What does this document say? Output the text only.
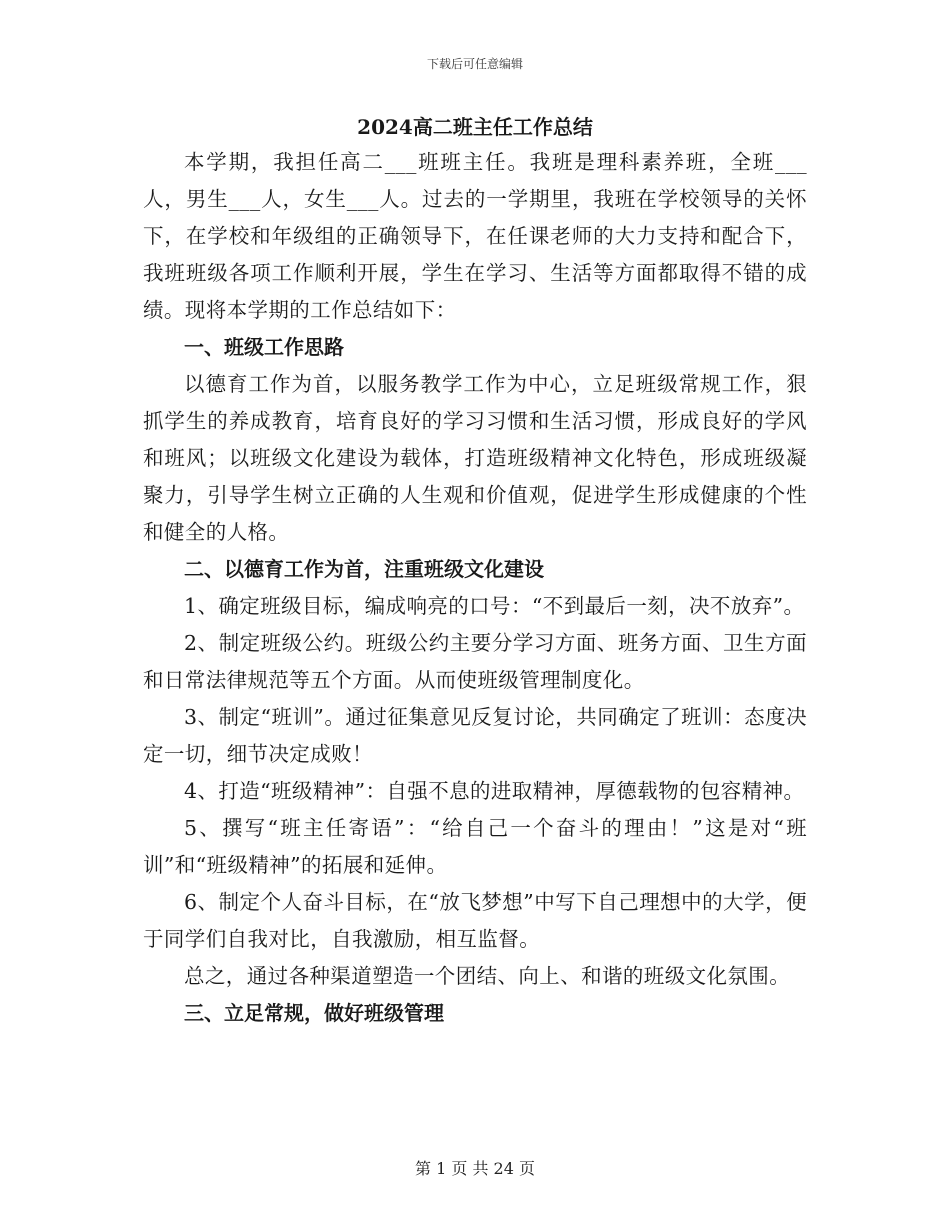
下载后可任意编辑
2024高二班主任工作总结

本学期，我担任高二___班班主任。我班是理科素养班，全班___人，男生___人，女生___人。过去的一学期里，我班在学校领导的关怀下，在学校和年级组的正确领导下，在任课老师的大力支持和配合下，我班班级各项工作顺利开展，学生在学习、生活等方面都取得不错的成绩。现将本学期的工作总结如下：

一、班级工作思路

以德育工作为首，以服务教学工作为中心，立足班级常规工作，狠抓学生的养成教育，培育良好的学习习惯和生活习惯，形成良好的学风和班风；以班级文化建设为载体，打造班级精神文化特色，形成班级凝聚力，引导学生树立正确的人生观和价值观，促进学生形成健康的个性和健全的人格。

二、以德育工作为首，注重班级文化建设

1、确定班级目标，编成响亮的口号：“不到最后一刻，决不放弃”。

2、制定班级公约。班级公约主要分学习方面、班务方面、卫生方面和日常法律规范等五个方面。从而使班级管理制度化。

3、制定“班训”。通过征集意见反复讨论，共同确定了班训：态度决定一切，细节决定成败！

4、打造“班级精神”：自强不息的进取精神，厚德载物的包容精神。

5、撰写“班主任寄语”：“给自己一个奋斗的理由！”这是对“班训”和“班级精神”的拓展和延伸。

6、制定个人奋斗目标，在“放飞梦想”中写下自己理想中的大学，便于同学们自我对比，自我激励，相互监督。

总之，通过各种渠道塑造一个团结、向上、和谐的班级文化氛围。

三、立足常规，做好班级管理

第 1 页 共 24 页
